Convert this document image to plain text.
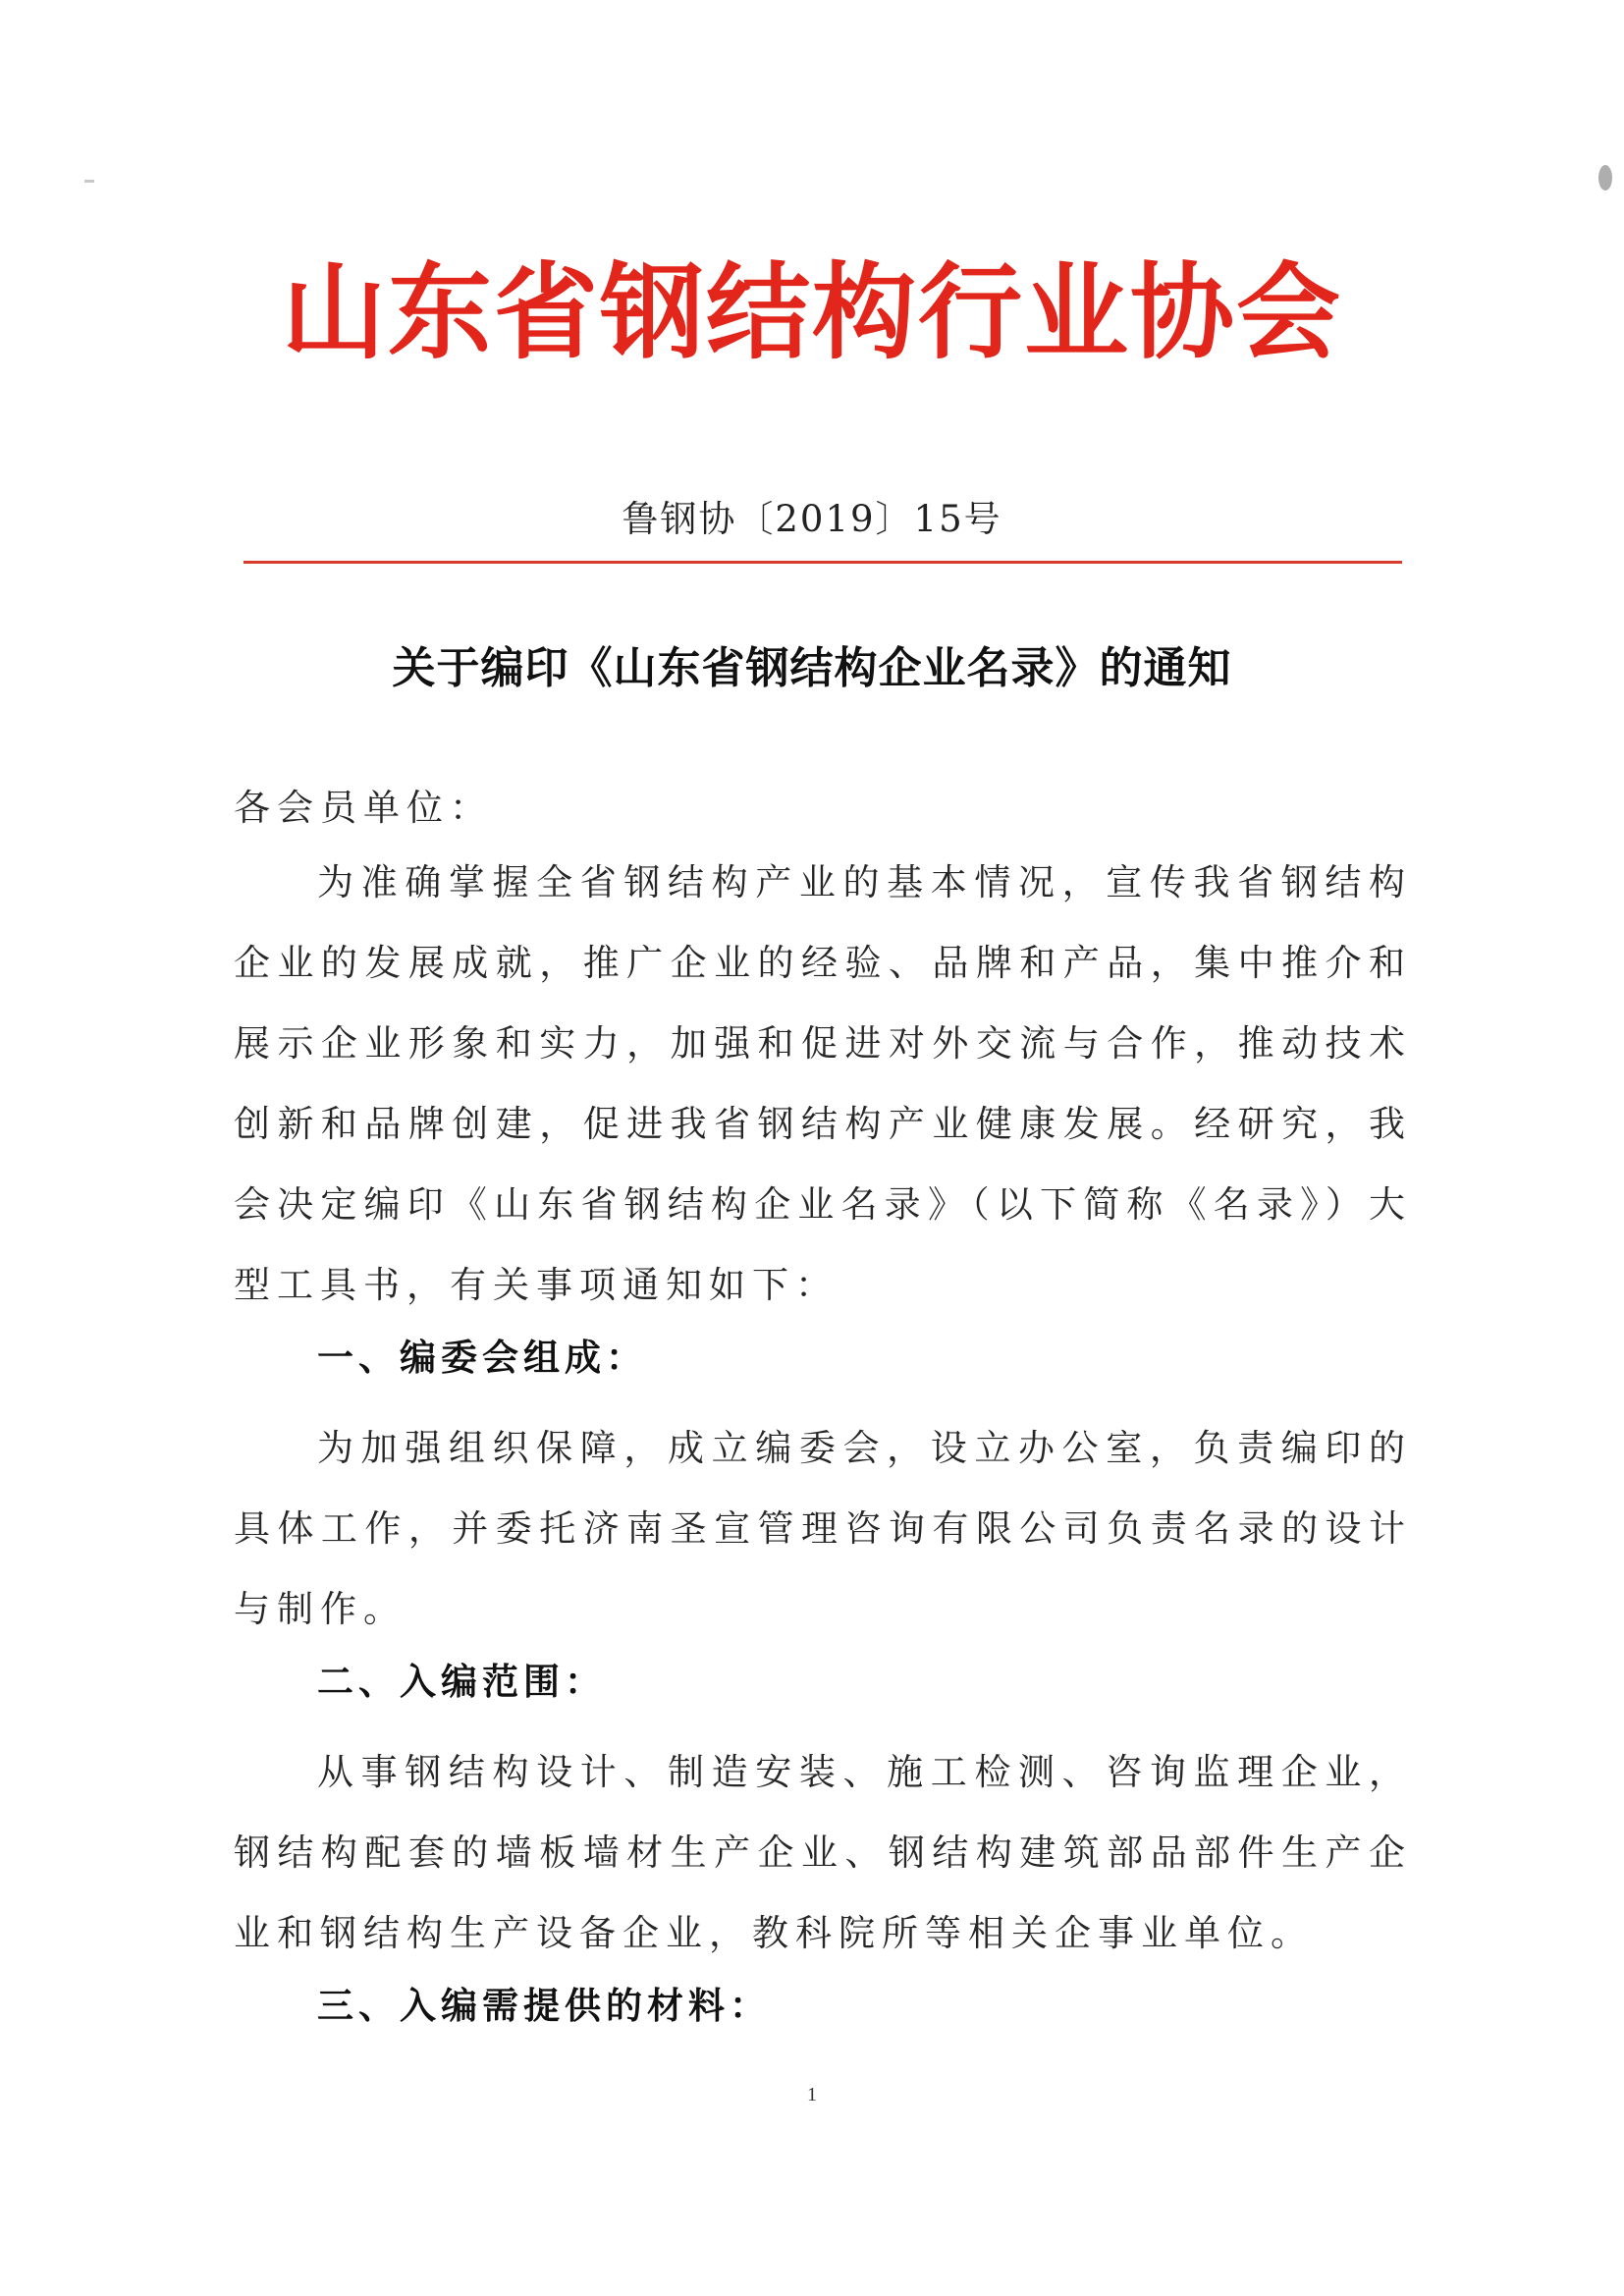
山东省钢结构行业协会
鲁钢协〔2019〕15号
关于编印《山东省钢结构企业名录》的通知
各会员单位：

为准确掌握全省钢结构产业的基本情况，宣传我省钢结构企业的发展成就，推广企业的经验、品牌和产品，集中推介和展示企业形象和实力，加强和促进对外交流与合作，推动技术创新和品牌创建，促进我省钢结构产业健康发展。经研究，我会决定编印《山东省钢结构企业名录》（以下简称《名录》）大型工具书，有关事项通知如下：

一、编委会组成：

为加强组织保障，成立编委会，设立办公室，负责编印的具体工作，并委托济南圣宣管理咨询有限公司负责名录的设计与制作。

二、入编范围：

从事钢结构设计、制造安装、施工检测、咨询监理企业，钢结构配套的墙板墙材生产企业、钢结构建筑部品部件生产企业和钢结构生产设备企业，教科院所等相关企事业单位。

三、入编需提供的材料：
1
